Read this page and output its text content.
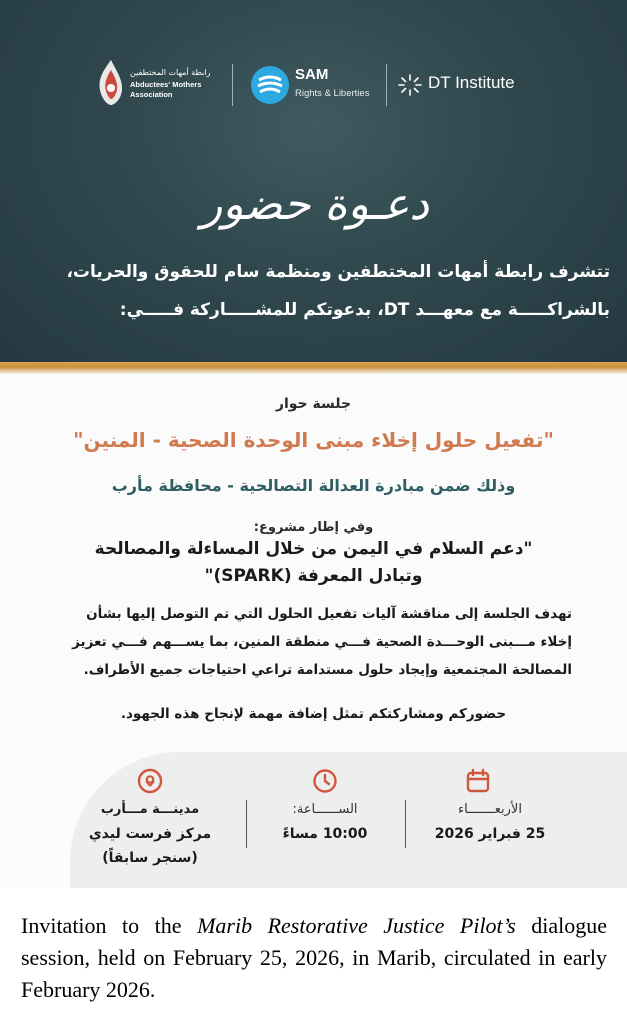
DT Institute
SAM
Rights & Liberties
رابطة أمهات المختطفين
Abductees' Mothers
Association
دعـوة حضور
تتشرف رابطة أمهات المختطفين ومنظمة سام للحقوق والحريات،
بالشراكـــــة مع معهـــد DT، بدعوتكم للمشـــــاركة فـــــي:
جلسة حوار
"تفعيل حلول إخلاء مبنى الوحدة الصحية - المنين"
وذلك ضمن مبادرة العدالة التصالحية - محافظة مأرب
وفي إطار مشروع:
"دعم السلام في اليمن من خلال المساءلة والمصالحة
وتبادل المعرفة (SPARK)"
تهدف الجلسة إلى مناقشة آليات تفعيل الحلول التي تم التوصل إليها بشأن
إخلاء مـــبنى الوحـــدة الصحية فـــي منطقة المنين، بما يســـهم فـــي تعزيز
المصالحة المجتمعية وإيجاد حلول مستدامة تراعي احتياجات جميع الأطراف.
حضوركم ومشاركتكم تمثل إضافة مهمة لإنجاح هذه الجهود.
الأربعـــــــاء
25 فبراير 2026
الســــــاعة:
10:00 مساءً
مدينـــة مـــأرب
مركز فرست ليدي
(سنجر سابقاً)
Invitation to the Marib Restorative Justice Pilot’s dialogue session, held on February 25, 2026, in Marib, circulated in early February 2026.
